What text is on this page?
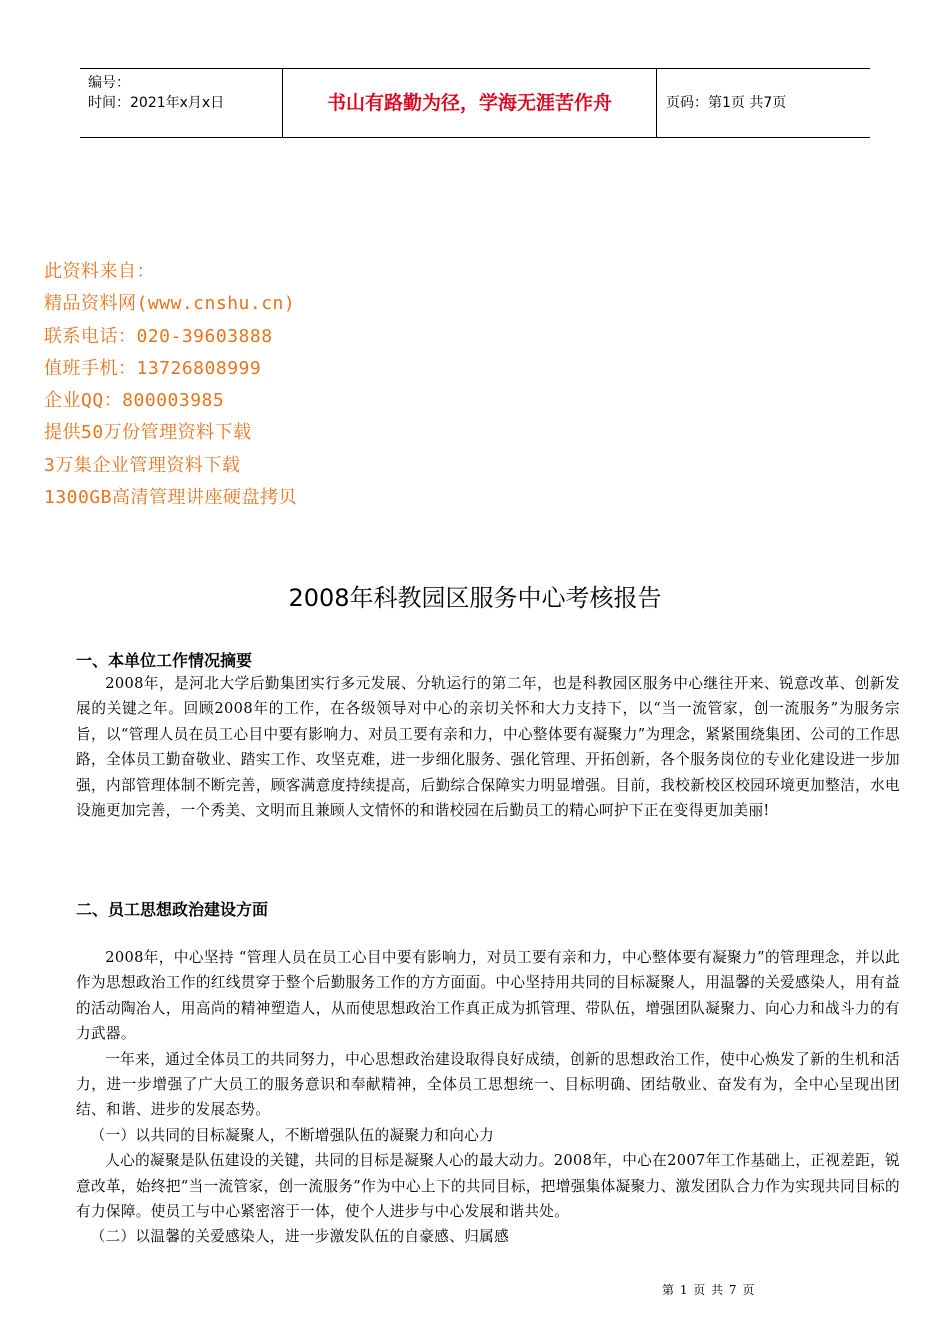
编号：
时间：2021年x月x日	书山有路勤为径，学海无涯苦作舟	页码：第1页 共7页
此资料来自：
精品资料网(www.cnshu.cn)
联系电话：020-39603888
值班手机：13726808999
企业QQ：800003985
提供50万份管理资料下载
3万集企业管理资料下载
1300GB高清管理讲座硬盘拷贝
2008年科教园区服务中心考核报告
一、本单位工作情况摘要
2008年，是河北大学后勤集团实行多元发展、分轨运行的第二年，也是科教园区服务中心继往开来、锐意改革、创新发展的关键之年。回顾2008年的工作，在各级领导对中心的亲切关怀和大力支持下，以“当一流管家，创一流服务”为服务宗旨，以“管理人员在员工心目中要有影响力、对员工要有亲和力，中心整体要有凝聚力”为理念，紧紧围绕集团、公司的工作思路，全体员工勤奋敬业、踏实工作、攻坚克难，进一步细化服务、强化管理、开拓创新，各个服务岗位的专业化建设进一步加强，内部管理体制不断完善，顾客满意度持续提高，后勤综合保障实力明显增强。目前，我校新校区校园环境更加整洁，水电设施更加完善，一个秀美、文明而且兼顾人文情怀的和谐校园在后勤员工的精心呵护下正在变得更加美丽!
二、员工思想政治建设方面
2008年，中心坚持 “管理人员在员工心目中要有影响力，对员工要有亲和力，中心整体要有凝聚力”的管理理念，并以此作为思想政治工作的红线贯穿于整个后勤服务工作的方方面面。中心坚持用共同的目标凝聚人，用温馨的关爱感染人，用有益的活动陶冶人，用高尚的精神塑造人，从而使思想政治工作真正成为抓管理、带队伍，增强团队凝聚力、向心力和战斗力的有力武器。
一年来，通过全体员工的共同努力，中心思想政治建设取得良好成绩，创新的思想政治工作，使中心焕发了新的生机和活力，进一步增强了广大员工的服务意识和奉献精神，全体员工思想统一、目标明确、团结敬业、奋发有为，全中心呈现出团结、和谐、进步的发展态势。
（一）以共同的目标凝聚人，不断增强队伍的凝聚力和向心力
人心的凝聚是队伍建设的关键，共同的目标是凝聚人心的最大动力。2008年，中心在2007年工作基础上，正视差距，锐意改革，始终把“当一流管家，创一流服务”作为中心上下的共同目标，把增强集体凝聚力、激发团队合力作为实现共同目标的有力保障。使员工与中心紧密溶于一体，使个人进步与中心发展和谐共处。
（二）以温馨的关爱感染人，进一步激发队伍的自豪感、归属感
第 1 页 共 7 页
